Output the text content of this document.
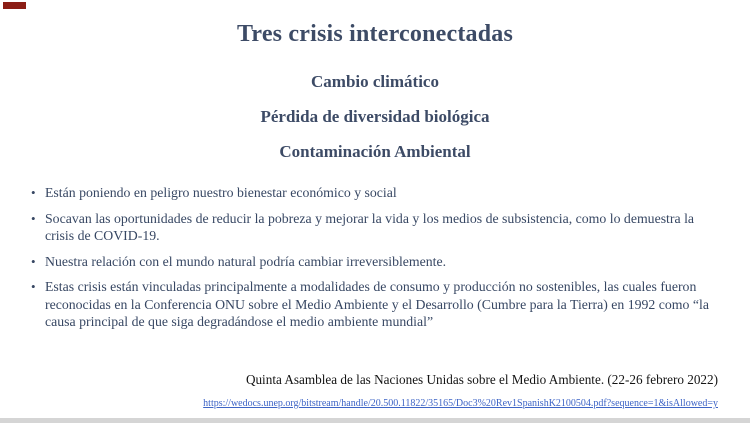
Tres crisis interconectadas
Cambio climático
Pérdida de diversidad biológica
Contaminación Ambiental
• Están poniendo en peligro nuestro bienestar económico y social
• Socavan las oportunidades de reducir la pobreza y mejorar la vida y los medios de subsistencia, como lo demuestra la crisis de COVID-19.
• Nuestra relación con el mundo natural podría cambiar irreversiblemente.
• Estas crisis están vinculadas principalmente a modalidades de consumo y producción no sostenibles, las cuales fueron reconocidas en la Conferencia ONU sobre el Medio Ambiente y el Desarrollo (Cumbre para la Tierra) en 1992 como “la causa principal de que siga degradándose el medio ambiente mundial”
Quinta Asamblea de las Naciones Unidas sobre el Medio Ambiente. (22-26 febrero 2022)
https://wedocs.unep.org/bitstream/handle/20.500.11822/35165/Doc3%20Rev1SpanishK2100504.pdf?sequence=1&isAllowed=y
